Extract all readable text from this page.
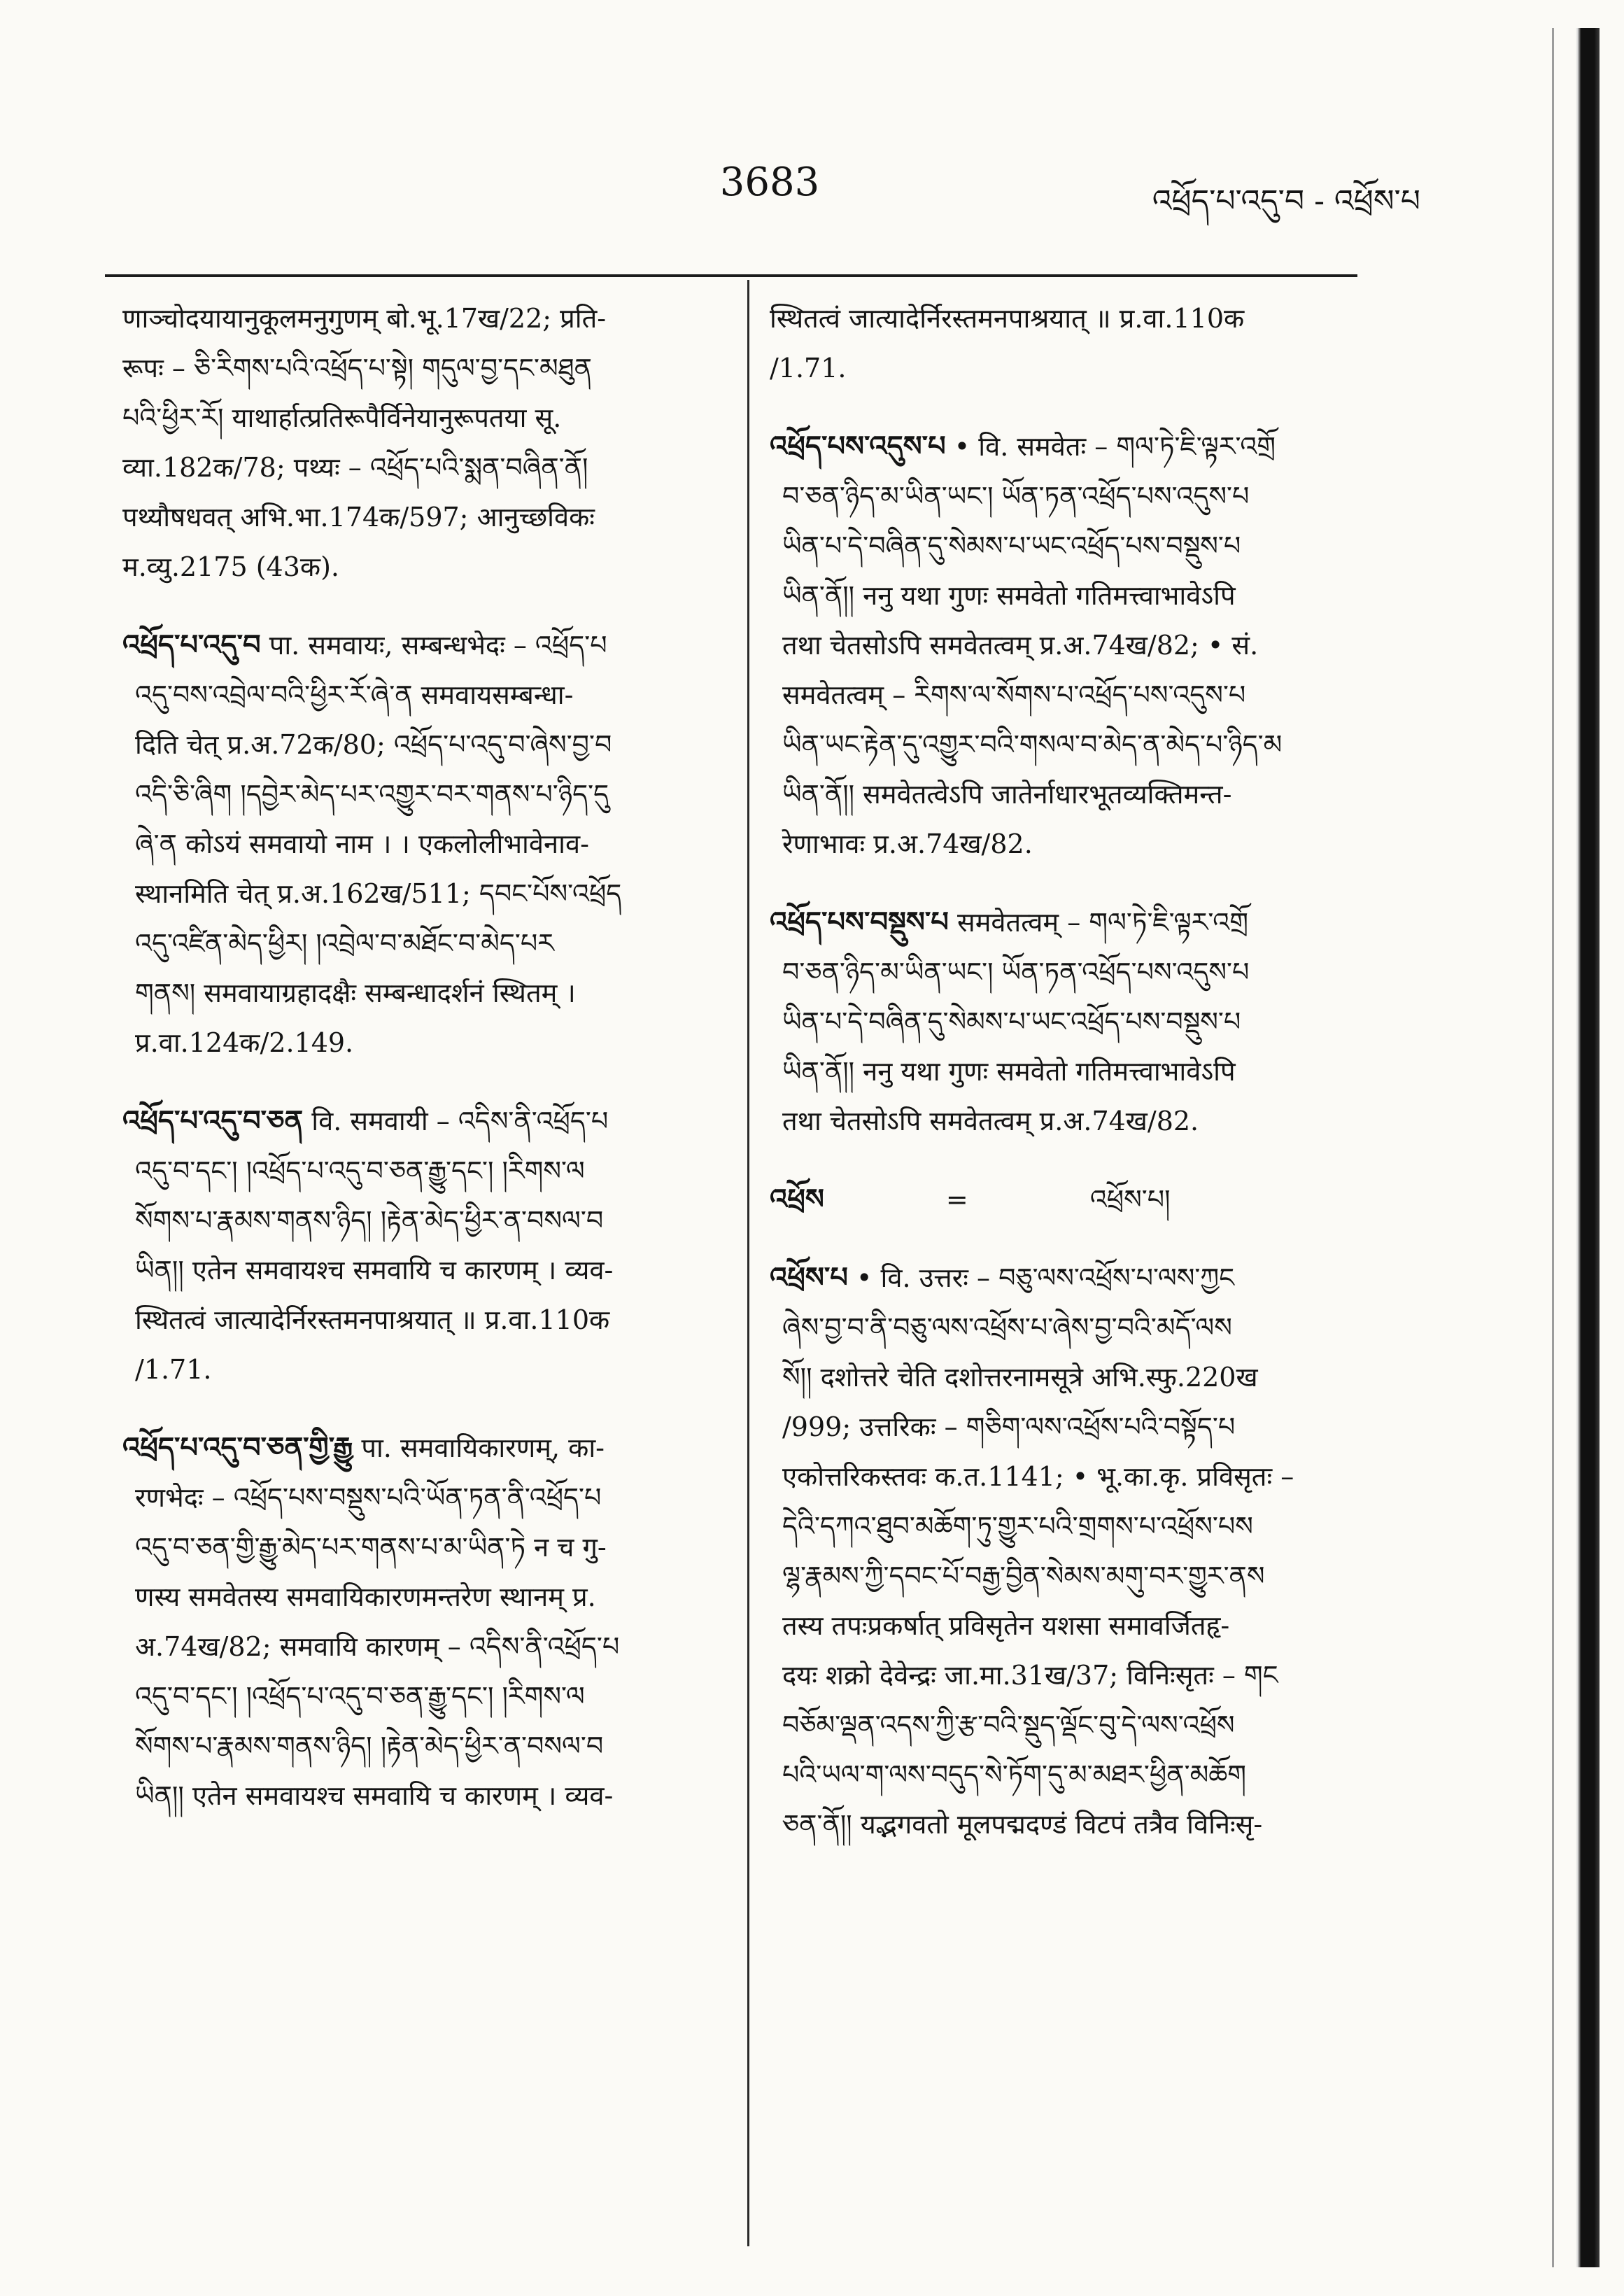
3683	འཕྲོད་པ་འདུ་བ - འཕྲོས་པ
णाञ्चोदयायानुकूलमनुगुणम् बो.भू.17ख/22; प्रति-
रूपः – ཅི་རིགས་པའི་འཕྲོད་པ་སྟེ། གདུལ་བྱ་དང་མཐུན
པའི་ཕྱིར་རོ། याथार्हात्प्रतिरूपैर्विनेयानुरूपतया सू.
व्या.182क/78; पथ्यः – འཕྲོད་པའི་སྨན་བཞིན་ནོ།
पथ्यौषधवत् अभि.भा.174क/597; आनुच्छविकः
म.व्यु.2175 (43क).
འཕྲོད་པ་འདུ་བ पा. समवायः, सम्बन्धभेदः – འཕྲོད་པ
འདུ་བས་འབྲེལ་བའི་ཕྱིར་རོ་ཞེ་ན समवायसम्बन्धा-
दिति चेत् प्र.अ.72क/80; འཕྲོད་པ་འདུ་བ་ཞེས་བྱ་བ
འདི་ཅི་ཞིག །དབྱེར་མེད་པར་འགྱུར་བར་གནས་པ་ཉིད་དུ
ཞེ་ན कोऽयं समवायो नाम । । एकलोलीभावेनाव-
स्थानमिति चेत् प्र.अ.162ख/511; དབང་པོས་འཕྲོད
འདུ་འཛིན་མེད་ཕྱིར། །འབྲེལ་བ་མཐོང་བ་མེད་པར
གནས། समवायाग्रहादक्षैः सम्बन्धादर्शनं स्थितम् ।
प्र.वा.124क/2.149.
འཕྲོད་པ་འདུ་བ་ཅན वि. समवायी – འདིས་ནི་འཕྲོད་པ
འདུ་བ་དང་། །འཕྲོད་པ་འདུ་བ་ཅན་རྒྱུ་དང་། །རིགས་ལ
སོགས་པ་རྣམས་གནས་ཉིད། །རྟེན་མེད་ཕྱིར་ན་བསལ་བ
ཡིན།། एतेन समवायश्च समवायि च कारणम् । व्यव-
स्थितत्वं जात्यादेर्निरस्तमनपाश्रयात् ॥ प्र.वा.110क
/1.71.
འཕྲོད་པ་འདུ་བ་ཅན་གྱི་རྒྱུ पा. समवायिकारणम्, का-
रणभेदः – འཕྲོད་པས་བསྡུས་པའི་ཡོན་ཏན་ནི་འཕྲོད་པ
འདུ་བ་ཅན་གྱི་རྒྱུ་མེད་པར་གནས་པ་མ་ཡིན་ཏེ न च गु-
णस्य समवेतस्य समवायिकारणमन्तरेण स्थानम् प्र.
अ.74ख/82; समवायि कारणम् – འདིས་ནི་འཕྲོད་པ
འདུ་བ་དང་། །འཕྲོད་པ་འདུ་བ་ཅན་རྒྱུ་དང་། །རིགས་ལ
སོགས་པ་རྣམས་གནས་ཉིད། །རྟེན་མེད་ཕྱིར་ན་བསལ་བ
ཡིན།། एतेन समवायश्च समवायि च कारणम् । व्यव-
स्थितत्वं जात्यादेर्निरस्तमनपाश्रयात् ॥ प्र.वा.110क
/1.71.
འཕྲོད་པས་འདུས་པ • वि. समवेतः – གལ་ཏེ་ཇི་ལྟར་འགྲོ
བ་ཅན་ཉིད་མ་ཡིན་ཡང་། ཡོན་ཏན་འཕྲོད་པས་འདུས་པ
ཡིན་པ་དེ་བཞིན་དུ་སེམས་པ་ཡང་འཕྲོད་པས་བསྡུས་པ
ཡིན་ནོ།། ननु यथा गुणः समवेतो गतिमत्त्वाभावेऽपि
तथा चेतसोऽपि समवेतत्वम् प्र.अ.74ख/82; • सं.
समवेतत्वम् – རིགས་ལ་སོགས་པ་འཕྲོད་པས་འདུས་པ
ཡིན་ཡང་རྟེན་དུ་འགྱུར་བའི་གསལ་བ་མེད་ན་མེད་པ་ཉིད་མ
ཡིན་ནོ།། समवेतत्वेऽपि जातेर्नाधारभूतव्यक्तिमन्त-
रेणाभावः प्र.अ.74ख/82.
འཕྲོད་པས་བསྡུས་པ समवेतत्वम् – གལ་ཏེ་ཇི་ལྟར་འགྲོ
བ་ཅན་ཉིད་མ་ཡིན་ཡང་། ཡོན་ཏན་འཕྲོད་པས་འདུས་པ
ཡིན་པ་དེ་བཞིན་དུ་སེམས་པ་ཡང་འཕྲོད་པས་བསྡུས་པ
ཡིན་ནོ།། ननु यथा गुणः समवेतो गतिमत्त्वाभावेऽपि
तथा चेतसोऽपि समवेतत्वम् प्र.अ.74ख/82.
འཕྲོས	=	འཕྲོས་པ།
འཕྲོས་པ • वि. उत्तरः – བཅུ་ལས་འཕྲོས་པ་ལས་ཀྱང
ཞེས་བྱ་བ་ནི་བཅུ་ལས་འཕྲོས་པ་ཞེས་བྱ་བའི་མདོ་ལས
སོ།། दशोत्तरे चेति दशोत्तरनामसूत्रे अभि.स्फु.220ख
/999; उत्तरिकः – གཅིག་ལས་འཕྲོས་པའི་བསྟོད་པ
एकोत्तरिकस्तवः क.त.1141; • भू.का.कृ. प्रविसृतः –
དེའི་དཀའ་ཐུབ་མཆོག་ཏུ་གྱུར་པའི་གྲགས་པ་འཕྲོས་པས
ལྷ་རྣམས་ཀྱི་དབང་པོ་བརྒྱ་བྱིན་སེམས་མགུ་བར་གྱུར་ནས
तस्य तपःप्रकर्षात् प्रविसृतेन यशसा समावर्जितहृ-
दयः शक्रो देवेन्द्रः जा.मा.31ख/37; विनिःसृतः – གང
བཅོམ་ལྡན་འདས་ཀྱི་རྩ་བའི་སྡུད་ལྡོང་བུ་དེ་ལས་འཕྲོས
པའི་ཡལ་ག་ལས་བདུད་སེ་ཏོག་དུ་མ་མཐར་ཕྱིན་མཆོག
ཅན་ནོ།། यद्भगवतो मूलपद्मदण्डं विटपं तत्रैव विनिःसृ-
